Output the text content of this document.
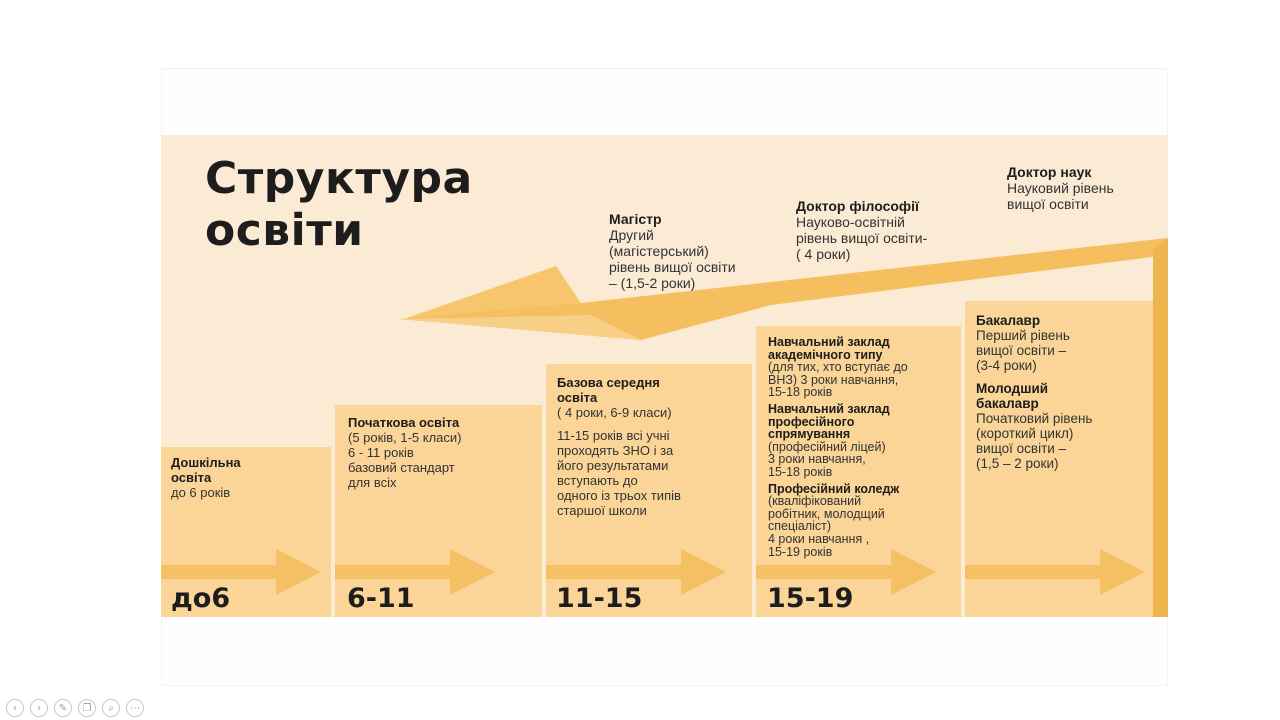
Структура
освіти
до6	6-11	11-15	15-19
Дошкільна
освіта
до 6 років
Початкова освіта
(5 років, 1-5 класи)
6 - 11 років
базовий стандарт
для всіх
Базова середня
освіта
( 4 роки, 6-9 класи)
11-15 років всі учні
проходять ЗНО і за
його результатами
вступають до
одного із трьох типів
старшої школи
Навчальний заклад
академічного типу
(для тих, хто вступає до
ВНЗ) 3 роки навчання,
15-18 років
Навчальний заклад
професійного
спрямування
(професійний ліцей)
3 роки навчання,
15-18 років
Професійний коледж
(кваліфікований
робітник, молодщий
спеціаліст)
4 роки навчання ,
15-19 років
Бакалавр
Перший рівень
вищої освіти –
(3-4 роки)
Молодший
бакалавр
Початковий рівень
(короткий цикл)
вищої освіти –
(1,5 – 2 роки)
Магістр
Другий
(магістерський)
рівень вищої освіти
– (1,5-2 роки)
Доктор філософії
Науково-освітній
рівень вищої освіти-
( 4 роки)
Доктор наук
Науковий рівень
вищої освіти
‹	›	✎	❐	⌕	⋯
